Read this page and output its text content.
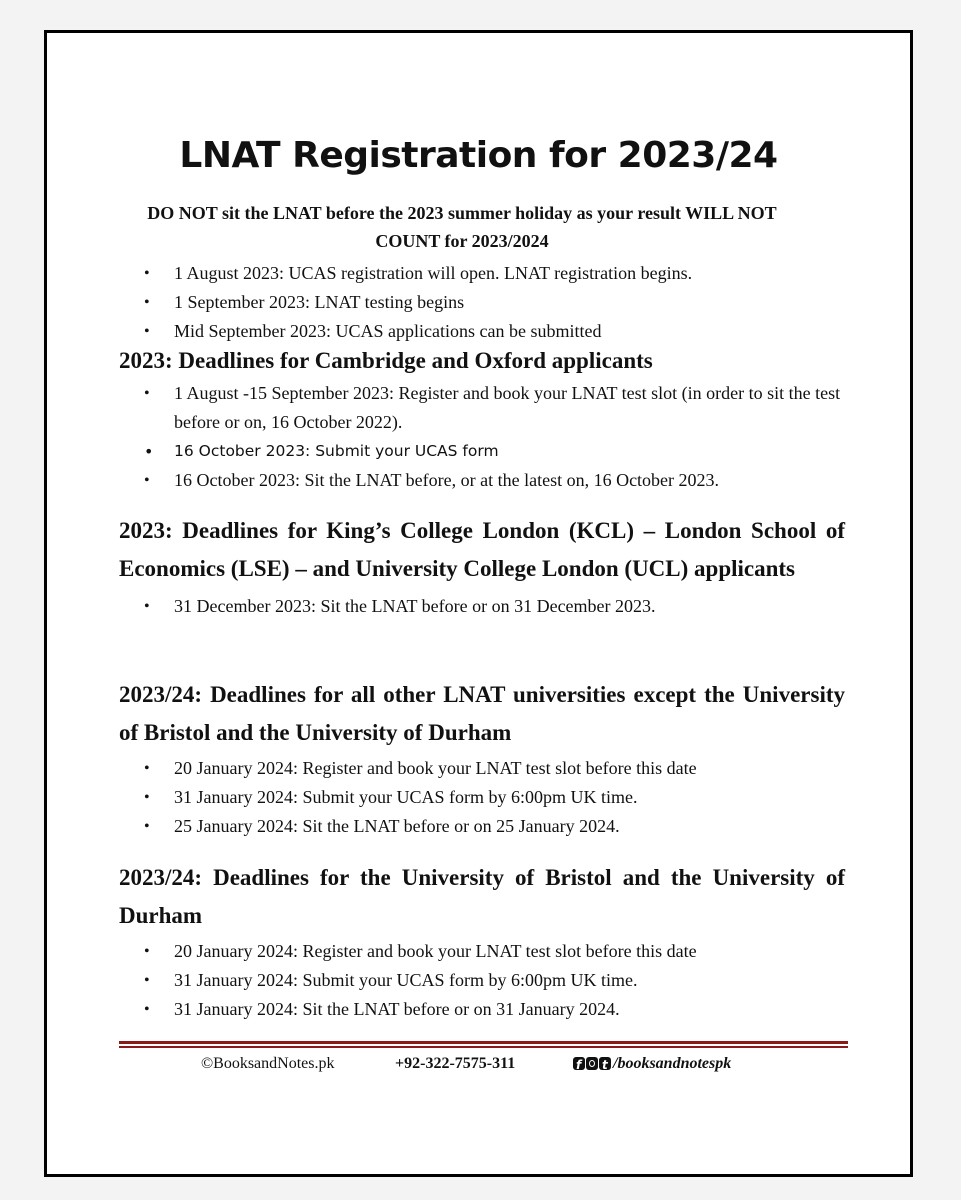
LNAT Registration for 2023/24

DO NOT sit the LNAT before the 2023 summer holiday as your result WILL NOT COUNT for 2023/2024

• 1 August 2023: UCAS registration will open. LNAT registration begins.
• 1 September 2023: LNAT testing begins
• Mid September 2023: UCAS applications can be submitted
2023: Deadlines for Cambridge and Oxford applicants
• 1 August -15 September 2023: Register and book your LNAT test slot (in order to sit the test before or on, 16 October 2022).
• 16 October 2023: Submit your UCAS form
• 16 October 2023: Sit the LNAT before, or at the latest on, 16 October 2023.
2023: Deadlines for King’s College London (KCL) – London School of Economics (LSE) – and University College London (UCL) applicants
• 31 December 2023: Sit the LNAT before or on 31 December 2023.
2023/24: Deadlines for all other LNAT universities except the University of Bristol and the University of Durham
• 20 January 2024: Register and book your LNAT test slot before this date
• 31 January 2024: Submit your UCAS form by 6:00pm UK time.
• 25 January 2024: Sit the LNAT before or on 25 January 2024.
2023/24: Deadlines for the University of Bristol and the University of Durham
• 20 January 2024: Register and book your LNAT test slot before this date
• 31 January 2024: Submit your UCAS form by 6:00pm UK time.
• 31 January 2024: Sit the LNAT before or on 31 January 2024.
©BooksandNotes.pk	+92-322-7575-311 f t	/booksandnotespk
